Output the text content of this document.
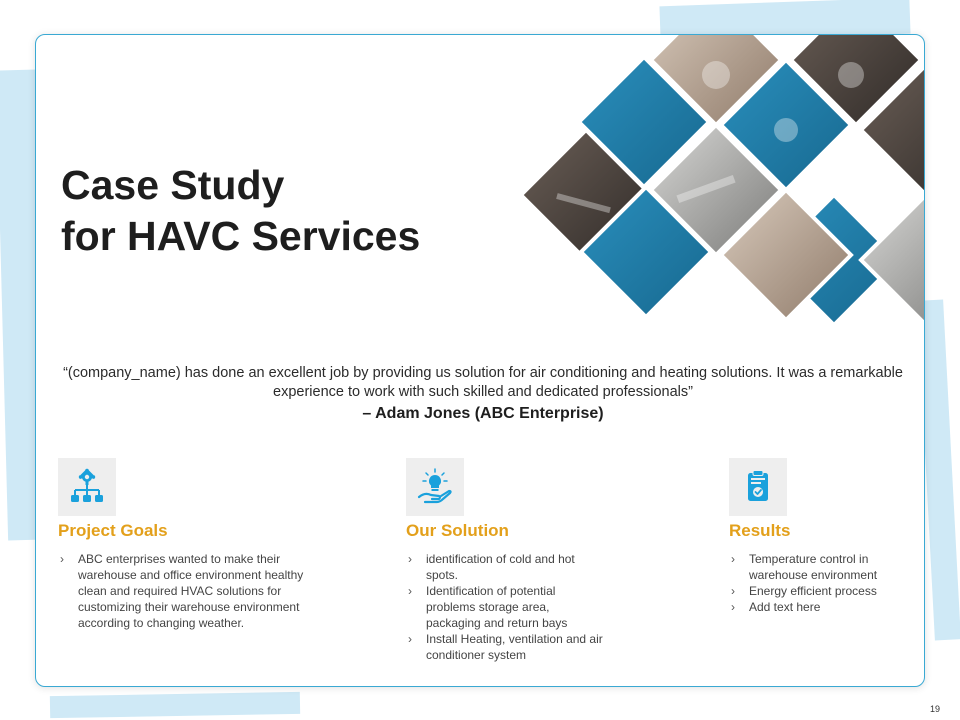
Case Study
for HAVC Services

“(company_name) has done an excellent job by providing us solution for air conditioning and heating solutions. It was a remarkable experience to work with such skilled and dedicated professionals”

– Adam Jones (ABC Enterprise)
Project Goals
› ABC enterprises wanted to make their warehouse and office environment healthy clean and required HVAC solutions for customizing their warehouse environment according to changing weather.
Our Solution
› identification of cold and hot spots.
› Identification of potential problems storage area, packaging and return bays
› Install Heating, ventilation and air conditioner system
Results
› Temperature control in warehouse environment
› Energy efficient process
› Add text here
19
